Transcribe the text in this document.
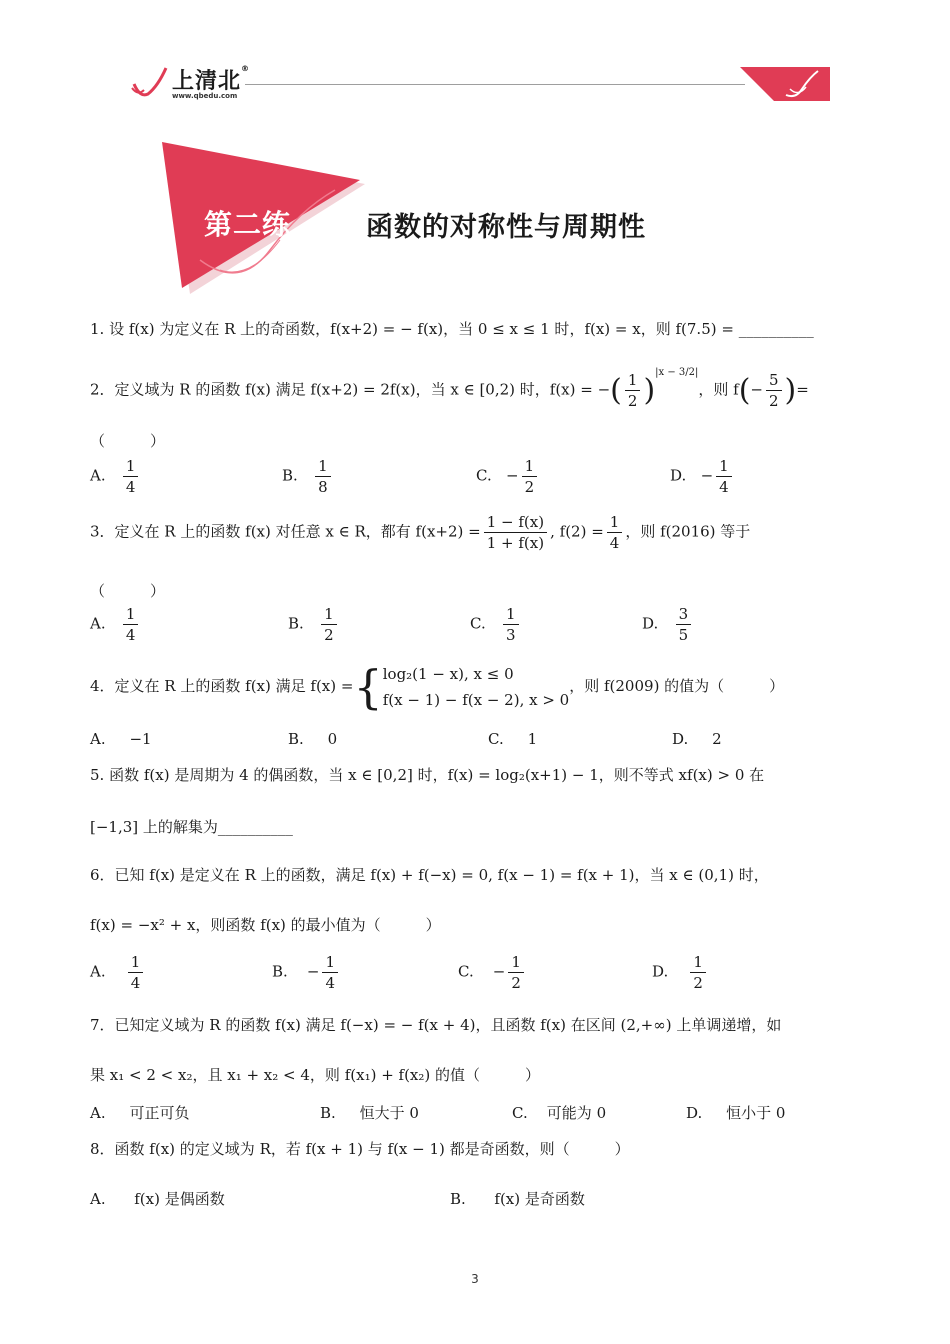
上清北®
www.qbedu.com
第二练	函数的对称性与周期性
1. 设 f(x) 为定义在 R 上的奇函数，f(x+2) = − f(x)，当 0 ≤ x ≤ 1 时，f(x) = x，则 f(7.5) = __________
2．定义域为 R 的函数 f(x) 满足 f(x+2) = 2f(x)，当 x ∈ [0,2) 时，f(x) = −( $\frac{1}{2} )^{|x - 3/2|}$，则 $f(- \frac{5}{2}$ )=
（　　　）
A. $\frac{1}{4}$	B. $\frac{1}{8}$	C. − $\frac{1}{2}$	D. − $\frac{1}{4}$
3．定义在 R 上的函数 f(x) 对任意 x ∈ R，都有 $f(x+2) = \frac{1 - f(x)}{1 + f(x)}$ , $f(2) = \frac{1}{4}$ ，则 f(2016) 等于
（　　　）
A. $\frac{1}{4}$	B. $\frac{1}{2}$	C. $\frac{1}{3}$	D. $\frac{3}{5}$
4．定义在 R 上的函数 f(x) 满足 f(x) ={ log₂(1 − x), x ≤ 0
f(x − 1) − f(x − 2), x > 0
，则 f(2009) 的值为（　　　）
A. −1	B. 0	C. 1	D. 2
5. 函数 f(x) 是周期为 4 的偶函数，当 x ∈ [0,2] 时，f(x) = log₂(x+1) − 1，则不等式 xf(x) > 0 在
[−1,3] 上的解集为__________
6．已知 f(x) 是定义在 R 上的函数，满足 f(x) + f(−x) = 0, f(x − 1) = f(x + 1)，当 x ∈ (0,1) 时，
f(x) = −x² + x，则函数 f(x) 的最小值为（　　　）
A. $\frac{1}{4}$	B. − $\frac{1}{4}$	C. − $\frac{1}{2}$	D. $\frac{1}{2}$
7．已知定义域为 R 的函数 f(x) 满足 f(−x) = − f(x + 4)，且函数 f(x) 在区间 (2,+∞) 上单调递增，如
果 x₁ < 2 < x₂，且 x₁ + x₂ < 4，则 f(x₁) + f(x₂) 的值（　　　）
A. 可正可负	B. 恒大于 0	C. 可能为 0	D. 恒小于 0
8．函数 f(x) 的定义域为 R，若 f(x + 1) 与 f(x − 1) 都是奇函数，则（　　　）
A. f(x) 是偶函数	B. f(x) 是奇函数
3
